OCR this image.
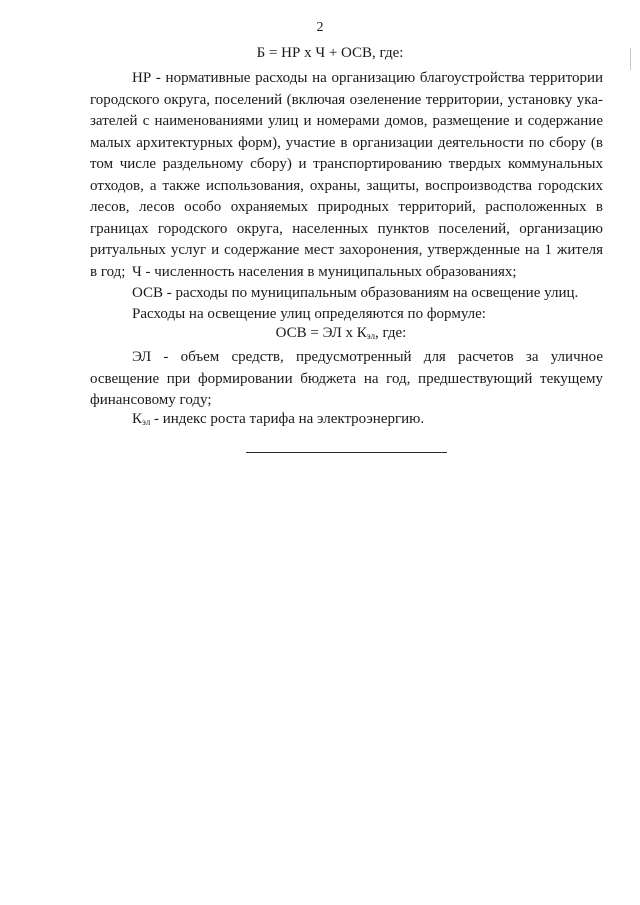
2
Б = НР х Ч + ОСВ, где:

НР - нормативные расходы на организацию благоустройства территории городского округа, поселений (включая озеленение территории, установку ука-зателей с наименованиями улиц и номерами домов, размещение и содержание малых архитектурных форм), участие в организации деятельности по сбору (в том числе раздельному сбору) и транспортированию твердых коммунальных отходов, а также использования, охраны, защиты, воспроизводства городских лесов, лесов особо охраняемых природных территорий, расположенных в границах городского округа, населенных пунктов поселений, организацию ритуальных услуг и содержание мест захоронения, утвержденные на 1 жителя в год; Ч - численность населения в муниципальных образованиях;

ОСВ - расходы по муниципальным образованиям на освещение улиц.

Расходы на освещение улиц определяются по формуле:

ОСВ = ЭЛ х $К_{эл}$, где:

ЭЛ - объем средств, предусмотренный для расчетов за уличное освещение при формировании бюджета на год, предшествующий текущему финансовому году;

$К_{эл}$ - индекс роста тарифа на электроэнергию.
